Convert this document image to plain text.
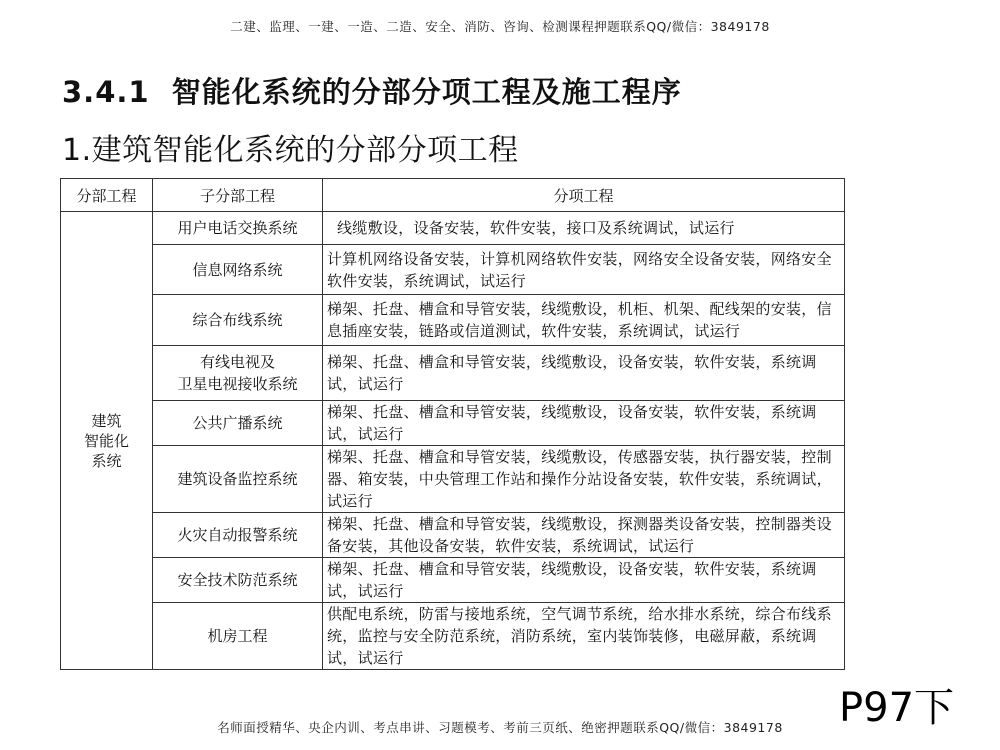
二建、监理、一建、一造、二造、安全、消防、咨询、检测课程押题联系QQ/微信：3849178
3.4.1  智能化系统的分部分项工程及施工程序
1.建筑智能化系统的分部分项工程
分部工程	子分部工程	分项工程
建筑
智能化
系统	用户电话交换系统	线缆敷设，设备安装，软件安装，接口及系统调试，试运行
	信息网络系统	计算机网络设备安装，计算机网络软件安装，网络安全设备安装，网络安全软件安装，系统调试，试运行
	综合布线系统	梯架、托盘、槽盒和导管安装，线缆敷设，机柜、机架、配线架的安装，信息插座安装，链路或信道测试，软件安装，系统调试，试运行
	有线电视及
卫星电视接收系统	梯架、托盘、槽盒和导管安装，线缆敷设，设备安装，软件安装，系统调试，试运行
	公共广播系统	梯架、托盘、槽盒和导管安装，线缆敷设，设备安装，软件安装，系统调试，试运行
	建筑设备监控系统	梯架、托盘、槽盒和导管安装，线缆敷设，传感器安装，执行器安装，控制器、箱安装，中央管理工作站和操作分站设备安装，软件安装，系统调试，试运行
	火灾自动报警系统	梯架、托盘、槽盒和导管安装，线缆敷设，探测器类设备安装，控制器类设备安装，其他设备安装，软件安装，系统调试，试运行
	安全技术防范系统	梯架、托盘、槽盒和导管安装，线缆敷设，设备安装，软件安装，系统调试，试运行
	机房工程	供配电系统，防雷与接地系统，空气调节系统，给水排水系统，综合布线系统，监控与安全防范系统，消防系统，室内装饰装修，电磁屏蔽，系统调试，试运行
P97下
名师面授精华、央企内训、考点串讲、习题模考、考前三页纸、绝密押题联系QQ/微信：3849178
